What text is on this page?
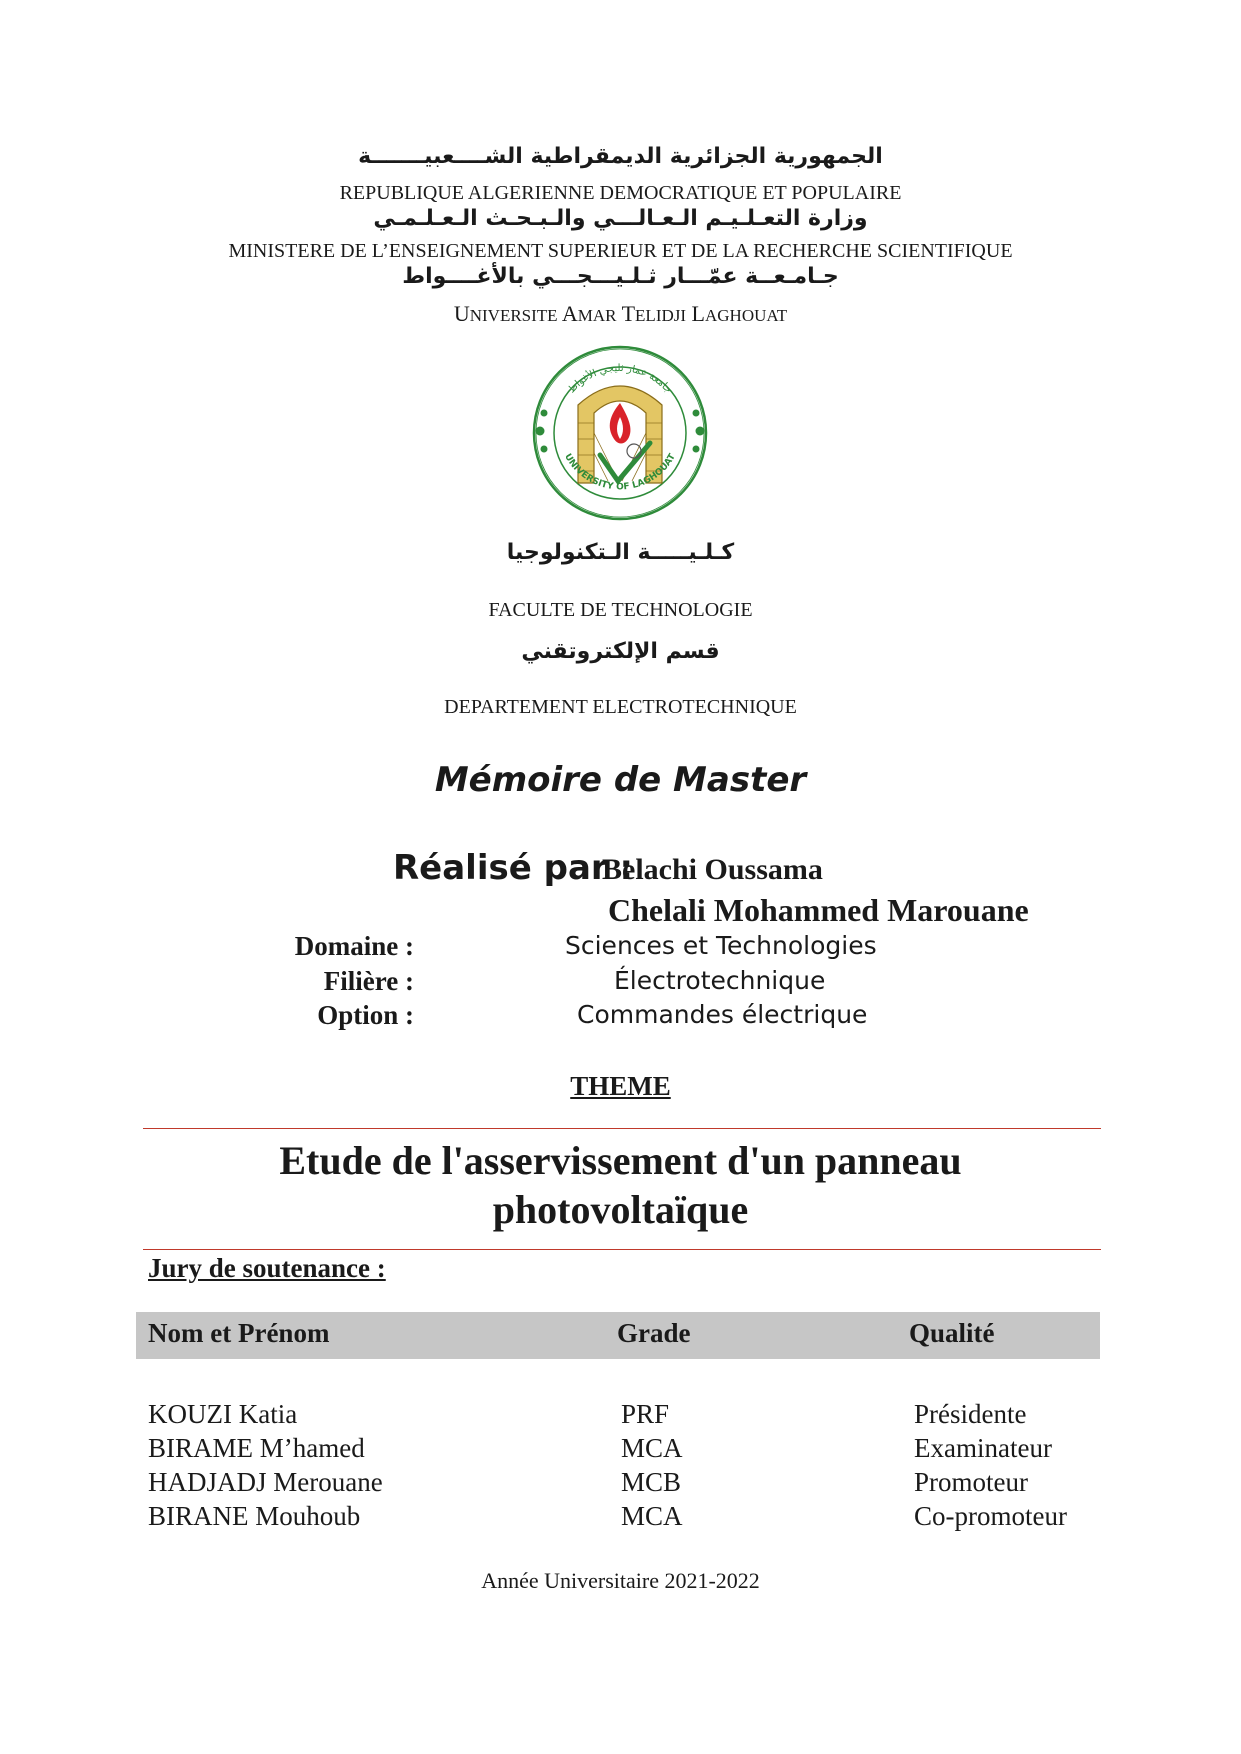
الجمهورية الجزائرية الديمقراطية الشــــعبيـــــــة
REPUBLIQUE ALGERIENNE DEMOCRATIQUE ET POPULAIRE
وزارة التعـلـيـم الـعـالـــي والـبـحـث الـعـلـمـي
MINISTERE DE L’ENSEIGNEMENT SUPERIEUR ET DE LA RECHERCHE SCIENTIFIQUE
جـامـعــة عمّـــار ثـلـيـــجـــي بالأغــــواط
UNIVERSITE AMAR TELIDJI LAGHOUAT
جامعة عمار ثليجي الأغواط
UNIVERSITY OF LAGHOUAT
كـلـيـــــة الـتكنولوجيا
FACULTE DE TECHNOLOGIE
قسم الإلكتروتقني
DEPARTEMENT ELECTROTECHNIQUE
Mémoire de Master
Réalisé par :
Belachi Oussama
Chelali Mohammed Marouane
Domaine :	Sciences et Technologies
Filière :	Électrotechnique
Option :	Commandes électrique
THEME
Etude de l'asservissement d'un panneau
photovoltaïque
Jury de soutenance :
Nom et Prénom	Grade	Qualité
KOUZI Katia	PRF	Présidente
BIRAME M’hamed	MCA	Examinateur
HADJADJ Merouane	MCB	Promoteur
BIRANE Mouhoub	MCA	Co-promoteur
Année Universitaire 2021-2022
